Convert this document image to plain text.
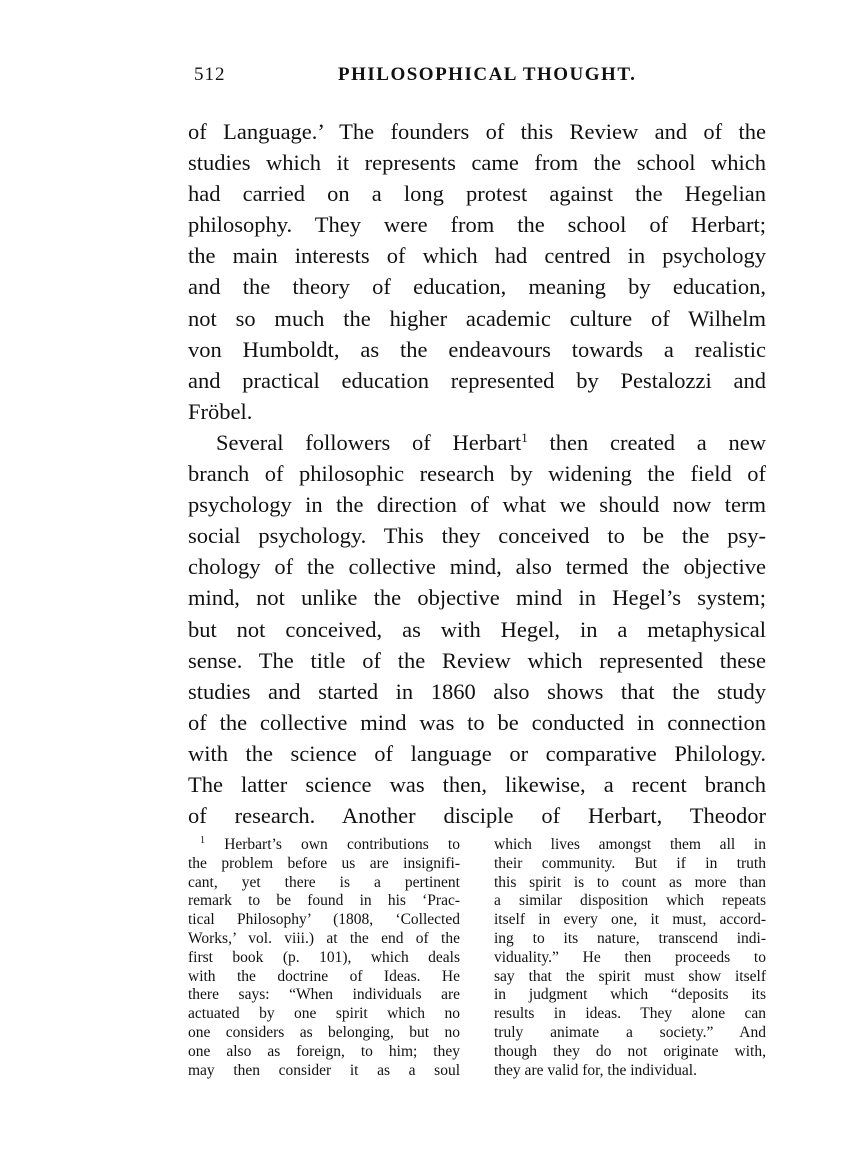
512	PHILOSOPHICAL THOUGHT.
of Language.’ The founders of this Review and of the
studies which it represents came from the school which
had carried on a long protest against the Hegelian
philosophy. They were from the school of Herbart;
the main interests of which had centred in psychology
and the theory of education, meaning by education,
not so much the higher academic culture of Wilhelm
von Humboldt, as the endeavours towards a realistic
and practical education represented by Pestalozzi and
Fröbel.
Several followers of Herbart$^1$ then created a new
branch of philosophic research by widening the field of
psychology in the direction of what we should now term
social psychology. This they conceived to be the psy-
chology of the collective mind, also termed the objective
mind, not unlike the objective mind in Hegel’s system;
but not conceived, as with Hegel, in a metaphysical
sense. The title of the Review which represented these
studies and started in 1860 also shows that the study
of the collective mind was to be conducted in connection
with the science of language or comparative Philology.
The latter science was then, likewise, a recent branch
of research. Another disciple of Herbart, Theodor
$^1$ Herbart’s own contributions to
the problem before us are insignifi-
cant, yet there is a pertinent
remark to be found in his ‘Prac-
tical Philosophy’ (1808, ‘Collected
Works,’ vol. viii.) at the end of the
first book (p. 101), which deals
with the doctrine of Ideas. He
there says: “When individuals are
actuated by one spirit which no
one considers as belonging, but no
one also as foreign, to him; they
may then consider it as a soul
which lives amongst them all in
their community. But if in truth
this spirit is to count as more than
a similar disposition which repeats
itself in every one, it must, accord-
ing to its nature, transcend indi-
viduality.” He then proceeds to
say that the spirit must show itself
in judgment which “deposits its
results in ideas. They alone can
truly animate a society.” And
though they do not originate with,
they are valid for, the individual.
